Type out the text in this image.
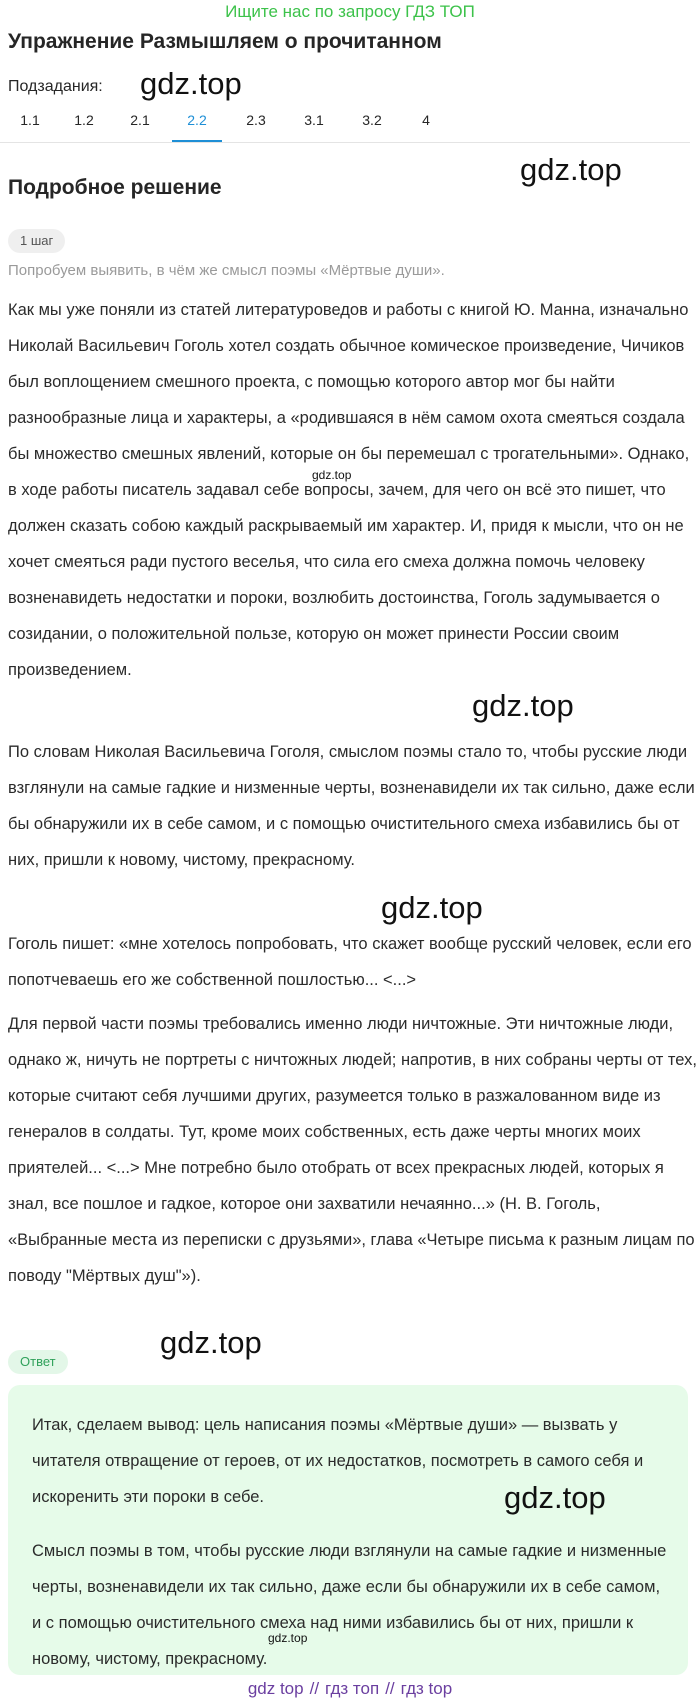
Ищите нас по запросу ГДЗ ТОП
Упражнение Размышляем о прочитанном
Подзадания:
1.1	1.2	2.1	2.2	2.3	3.1	3.2	4
Подробное решение
1 шаг
Попробуем выявить, в чём же смысл поэмы «Мёртвые души».

Как мы уже поняли из статей литературоведов и работы с книгой Ю. Манна, изначально Николай Васильевич Гоголь хотел создать обычное комическое произведение, Чичиков был воплощением смешного проекта, с помощью которого автор мог бы найти разнообразные лица и характеры, а «родившаяся в нём самом охота смеяться создала бы множество смешных явлений, которые он бы перемешал с трогательными». Однако, в ходе работы писатель задавал себе вопросы, зачем, для чего он всё это пишет, что должен сказать собою каждый раскрываемый им характер. И, придя к мысли, что он не хочет смеяться ради пустого веселья, что сила его смеха должна помочь человеку возненавидеть недостатки и пороки, возлюбить достоинства, Гоголь задумывается о созидании, о положительной пользе, которую он может принести России своим произведением.

По словам Николая Васильевича Гоголя, смыслом поэмы стало то, чтобы русские люди взглянули на самые гадкие и низменные черты, возненавидели их так сильно, даже если бы обнаружили их в себе самом, и с помощью очистительного смеха избавились бы от них, пришли к новому, чистому, прекрасному.

Гоголь пишет: «мне хотелось попробовать, что скажет вообще русский человек, если его попотчеваешь его же собственной пошлостью... <...>

Для первой части поэмы требовались именно люди ничтожные. Эти ничтожные люди, однако ж, ничуть не портреты с ничтожных людей; напротив, в них собраны черты от тех, которые считают себя лучшими других, разумеется только в разжалованном виде из генералов в солдаты. Тут, кроме моих собственных, есть даже черты многих моих приятелей... <...> Мне потребно было отобрать от всех прекрасных людей, которых я знал, все пошлое и гадкое, которое они захватили нечаянно...» (Н. В. Гоголь, «Выбранные места из переписки с друзьями», глава «Четыре письма к разным лицам по поводу "Мёртвых душ"»).

Ответ

Итак, сделаем вывод: цель написания поэмы «Мёртвые души» — вызвать у читателя отвращение от героев, от их недостатков, посмотреть в самого себя и искоренить эти пороки в себе.

Смысл поэмы в том, чтобы русские люди взглянули на самые гадкие и низменные черты, возненавидели их так сильно, даже если бы обнаружили их в себе самом, и с помощью очистительного смеха над ними избавились бы от них, пришли к новому, чистому, прекрасному.

gdz.top
gdz.top
gdz.top
gdz.top
gdz.top
gdz.top
gdz.top
gdz.top
gdz top // гдз топ // гдз top
